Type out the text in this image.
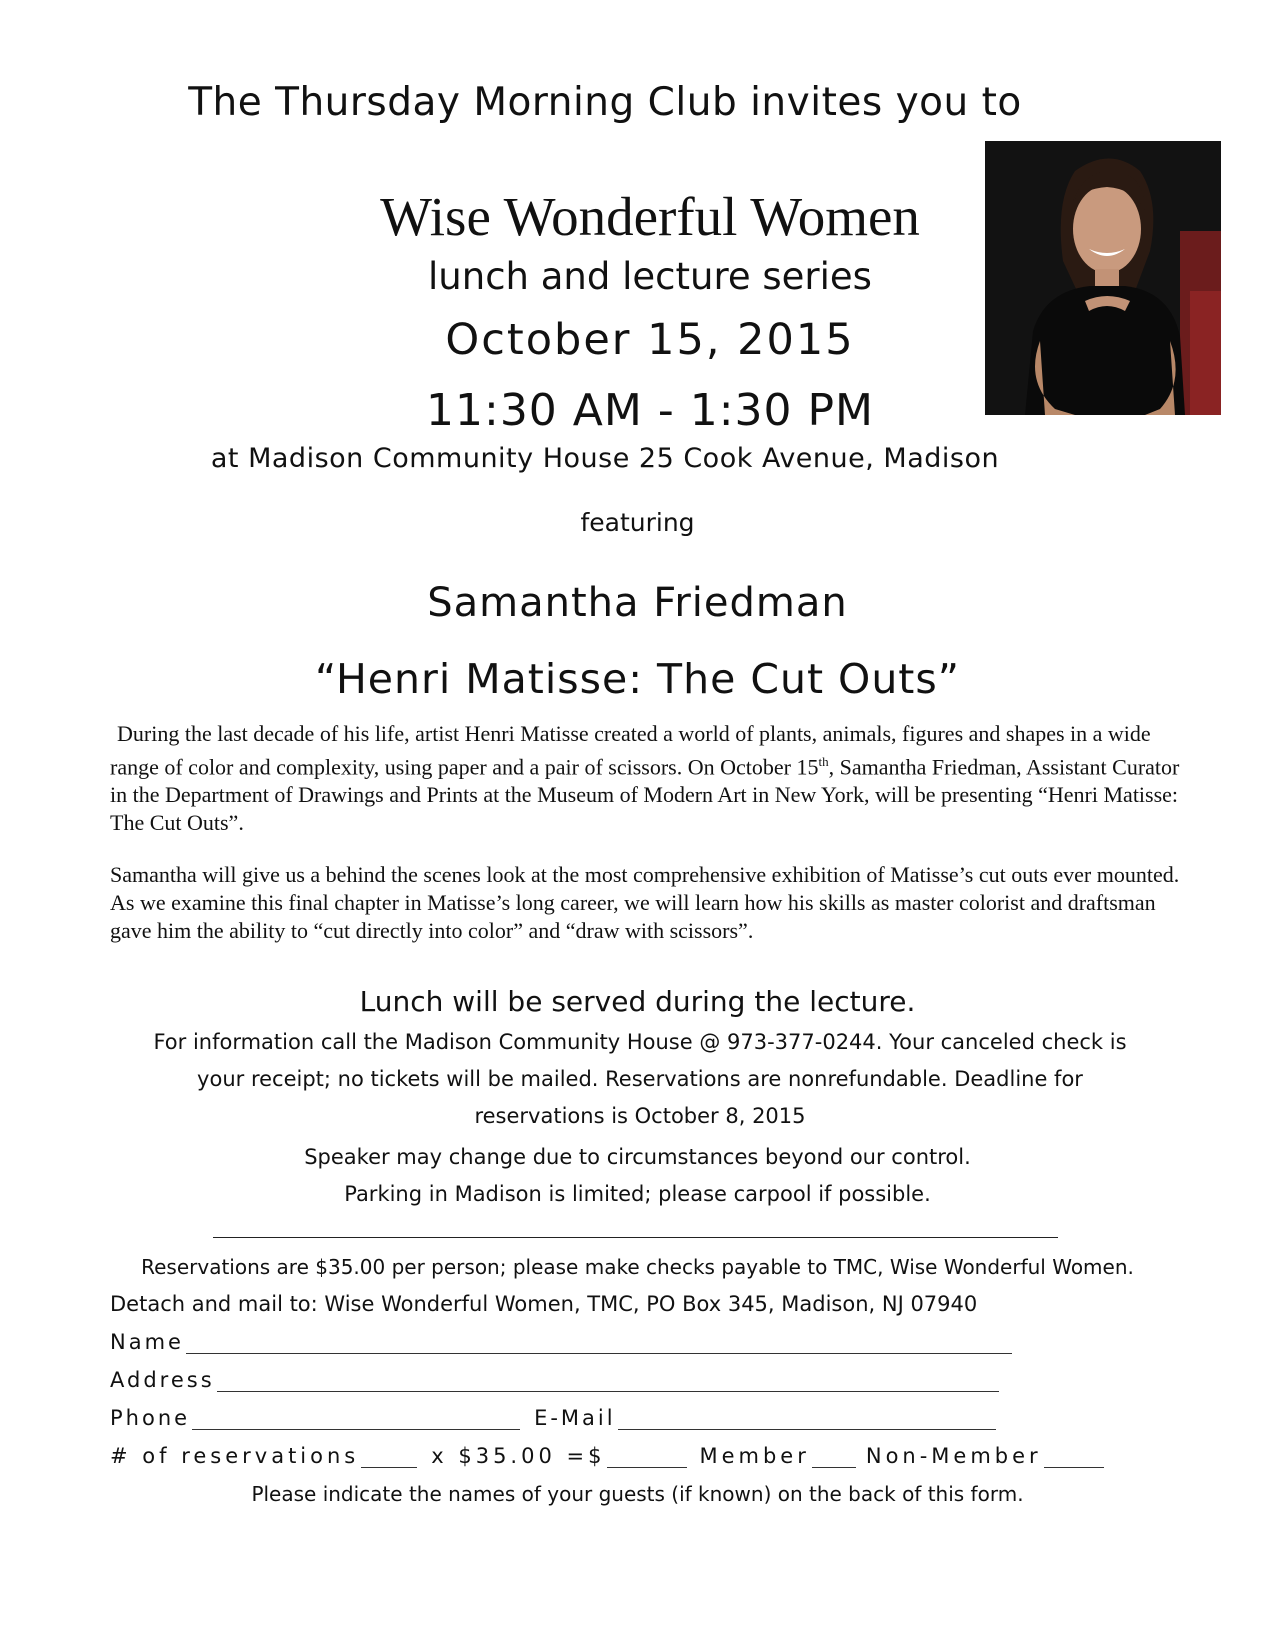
The Thursday Morning Club invites you to
Wise Wonderful Women
lunch and lecture series
October 15, 2015
11:30 AM - 1:30 PM
at Madison Community House 25 Cook Avenue, Madison
featuring
Samantha Friedman
“Henri Matisse: The Cut Outs”
During the last decade of his life, artist Henri Matisse created a world of plants, animals, figures and shapes in a wide range of color and complexity, using paper and a pair of scissors. On October 15th, Samantha Friedman, Assistant Curator in the Department of Drawings and Prints at the Museum of Modern Art in New York, will be presenting “Henri Matisse: The Cut Outs”.
Samantha will give us a behind the scenes look at the most comprehensive exhibition of Matisse’s cut outs ever mounted. As we examine this final chapter in Matisse’s long career, we will learn how his skills as master colorist and draftsman gave him the ability to “cut directly into color” and “draw with scissors”.
Lunch will be served during the lecture.
For information call the Madison Community House @ 973-377-0244. Your canceled check is your receipt; no tickets will be mailed. Reservations are nonrefundable. Deadline for reservations is October 8, 2015
Speaker may change due to circumstances beyond our control.
Parking in Madison is limited; please carpool if possible.
Reservations are $35.00 per person; please make checks payable to TMC, Wise Wonderful Women.
Detach and mail to: Wise Wonderful Women, TMC, PO Box 345, Madison, NJ 07940
Name
Address
Phone	E-Mail
# of reservations	x $35.00 =$	Member	Non-Member
Please indicate the names of your guests (if known) on the back of this form.
